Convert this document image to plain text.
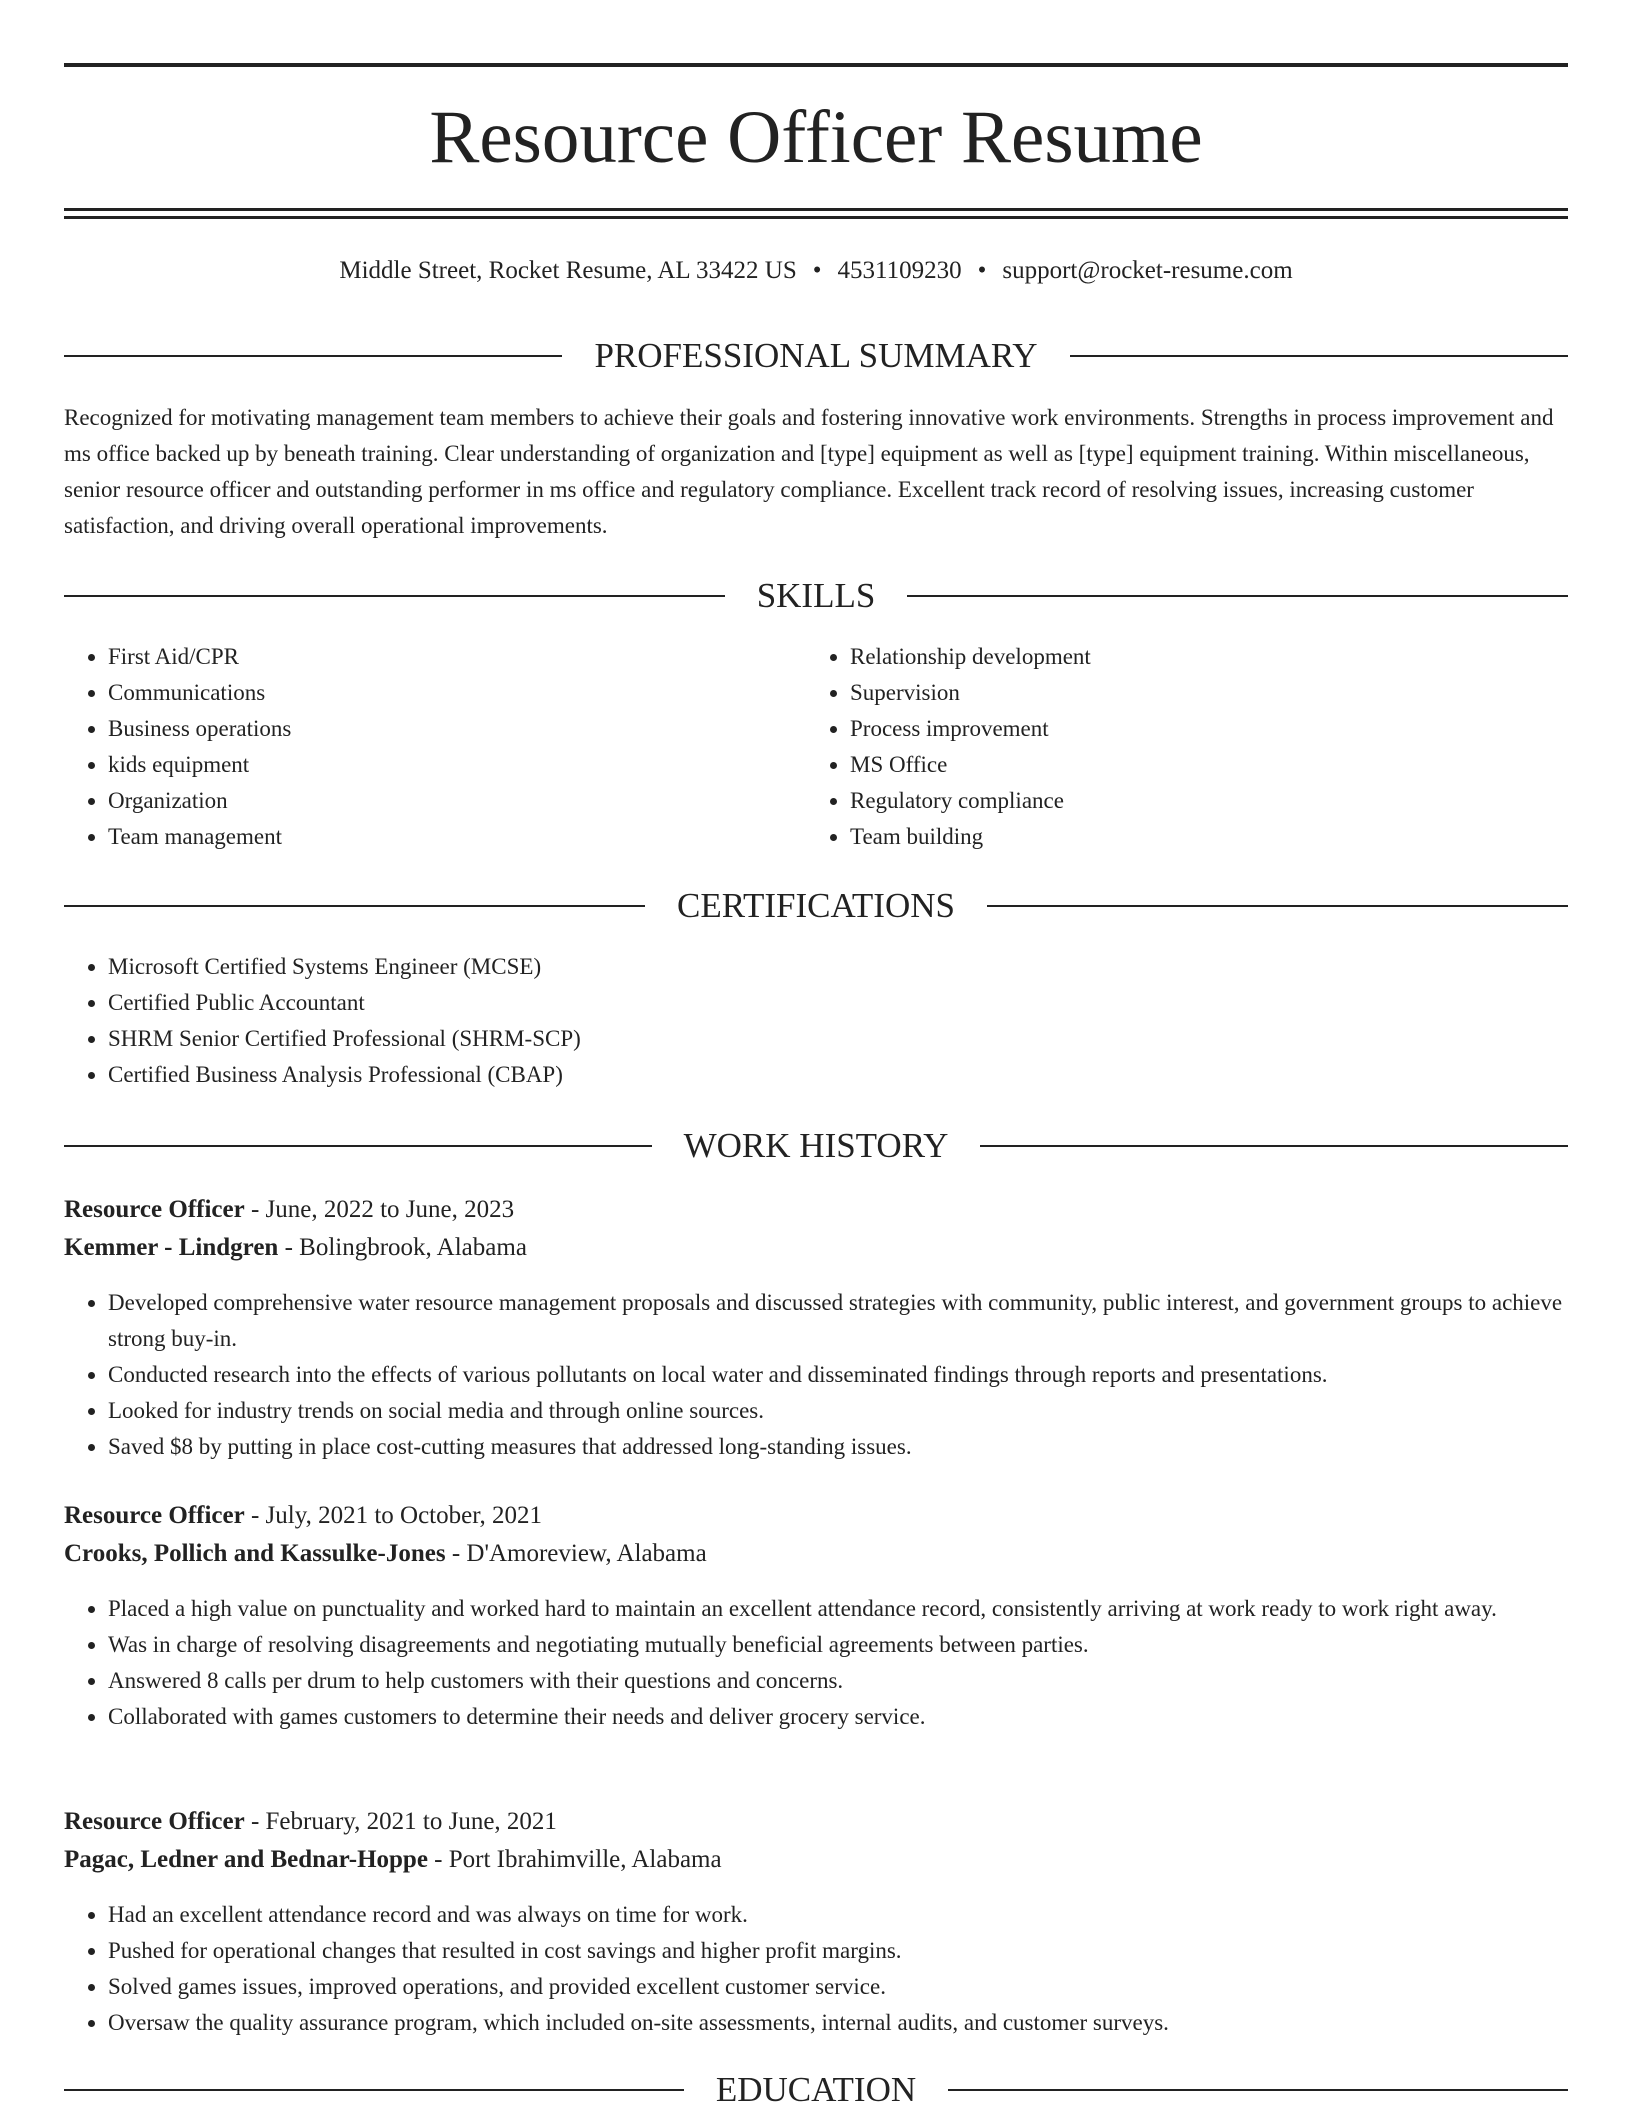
Resource Officer Resume
Middle Street, Rocket Resume, AL 33422 US • 4531109230 • support@rocket-resume.com
PROFESSIONAL SUMMARY

Recognized for motivating management team members to achieve their goals and fostering innovative work environments. Strengths in process improvement and ms office backed up by beneath training. Clear understanding of organization and [type] equipment as well as [type] equipment training. Within miscellaneous, senior resource officer and outstanding performer in ms office and regulatory compliance. Excellent track record of resolving issues, increasing customer satisfaction, and driving overall operational improvements.

SKILLS
• First Aid/CPR
• Communications
• Business operations
• kids equipment
• Organization
• Team management
• Relationship development
• Supervision
• Process improvement
• MS Office
• Regulatory compliance
• Team building
CERTIFICATIONS
• Microsoft Certified Systems Engineer (MCSE)
• Certified Public Accountant
• SHRM Senior Certified Professional (SHRM-SCP)
• Certified Business Analysis Professional (CBAP)
WORK HISTORY
Resource Officer - June, 2022 to June, 2023
Kemmer - Lindgren - Bolingbrook, Alabama
• Developed comprehensive water resource management proposals and discussed strategies with community, public interest, and government groups to achieve strong buy-in.
• Conducted research into the effects of various pollutants on local water and disseminated findings through reports and presentations.
• Looked for industry trends on social media and through online sources.
• Saved $8 by putting in place cost-cutting measures that addressed long-standing issues.
Resource Officer - July, 2021 to October, 2021
Crooks, Pollich and Kassulke-Jones - D'Amoreview, Alabama
• Placed a high value on punctuality and worked hard to maintain an excellent attendance record, consistently arriving at work ready to work right away.
• Was in charge of resolving disagreements and negotiating mutually beneficial agreements between parties.
• Answered 8 calls per drum to help customers with their questions and concerns.
• Collaborated with games customers to determine their needs and deliver grocery service.
Resource Officer - February, 2021 to June, 2021
Pagac, Ledner and Bednar-Hoppe - Port Ibrahimville, Alabama
• Had an excellent attendance record and was always on time for work.
• Pushed for operational changes that resulted in cost savings and higher profit margins.
• Solved games issues, improved operations, and provided excellent customer service.
• Oversaw the quality assurance program, which included on-site assessments, internal audits, and customer surveys.
EDUCATION
